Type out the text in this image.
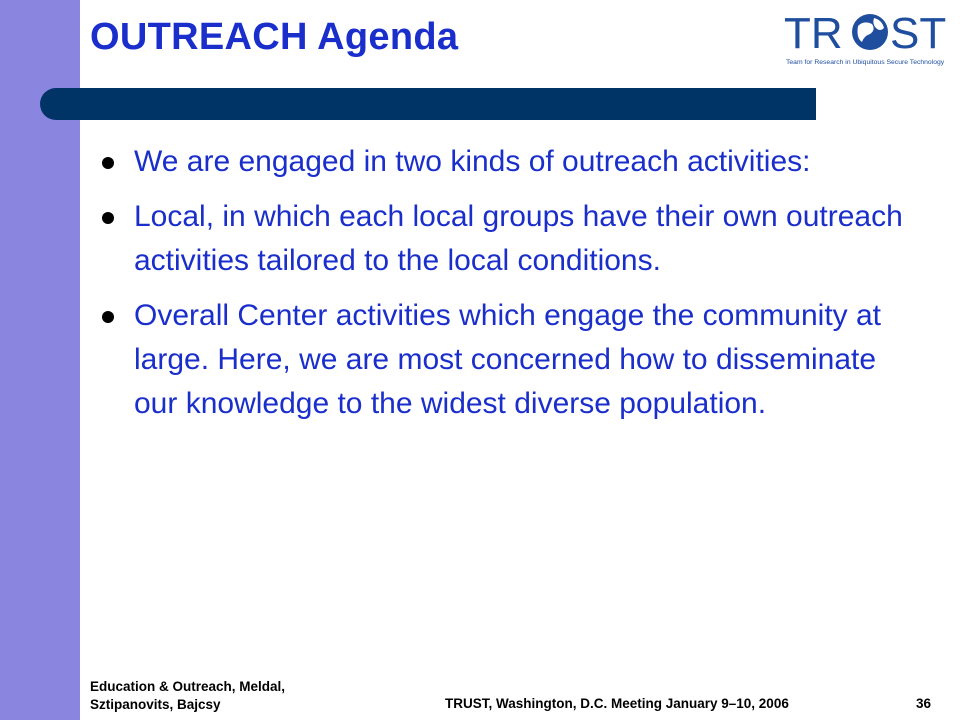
OUTREACH Agenda	TR ST
Team for Research in Ubiquitous Secure Technology
We are engaged in two kinds of outreach activities:
Local, in which each local groups have their own outreach activities tailored to the local conditions.
Overall Center activities which engage the community at large. Here, we are most concerned how to disseminate our knowledge to the widest diverse population.
Education & Outreach, Meldal,
Sztipanovits, Bajcsy	TRUST, Washington, D.C. Meeting January 9–10, 2006	36
